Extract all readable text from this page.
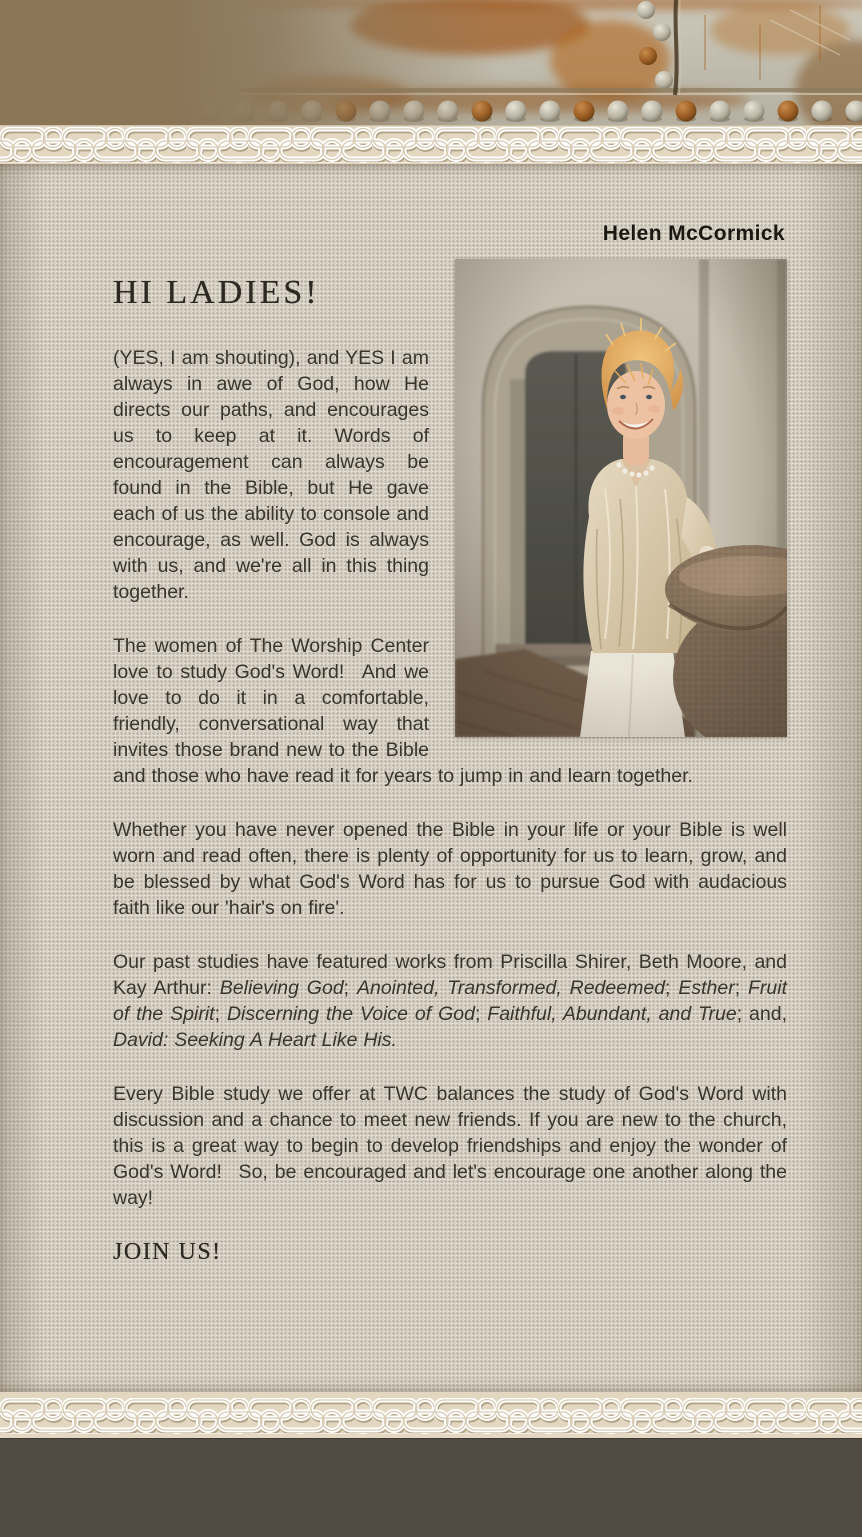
Helen McCormick
HI LADIES!

(YES, I am shouting), and YES I am always in awe of God, how He directs our paths, and encourages us to keep at it. Words of encouragement can always be found in the Bible, but He gave each of us the ability to console and encourage, as well. God is always with us, and we're all in this thing together.

The women of The Worship Center love to study God's Word!  And we love to do it in a comfortable, friendly, conversational way that invites those brand new to the Bible and those who have read it for years to jump in and learn together.

Whether you have never opened the Bible in your life or your Bible is well worn and read often, there is plenty of opportunity for us to learn, grow, and be blessed by what God's Word has for us to pursue God with audacious faith like our 'hair's on fire'.

Our past studies have featured works from Priscilla Shirer, Beth Moore, and Kay Arthur: Believing God; Anointed, Transformed, Redeemed; Esther; Fruit of the Spirit; Discerning the Voice of God; Faithful, Abundant, and True; and, David: Seeking A Heart Like His.

Every Bible study we offer at TWC balances the study of God's Word with discussion and a chance to meet new friends. If you are new to the church, this is a great way to begin to develop friendships and enjoy the wonder of God's Word!  So, be encouraged and let's encourage one another along the way!

JOIN US!
